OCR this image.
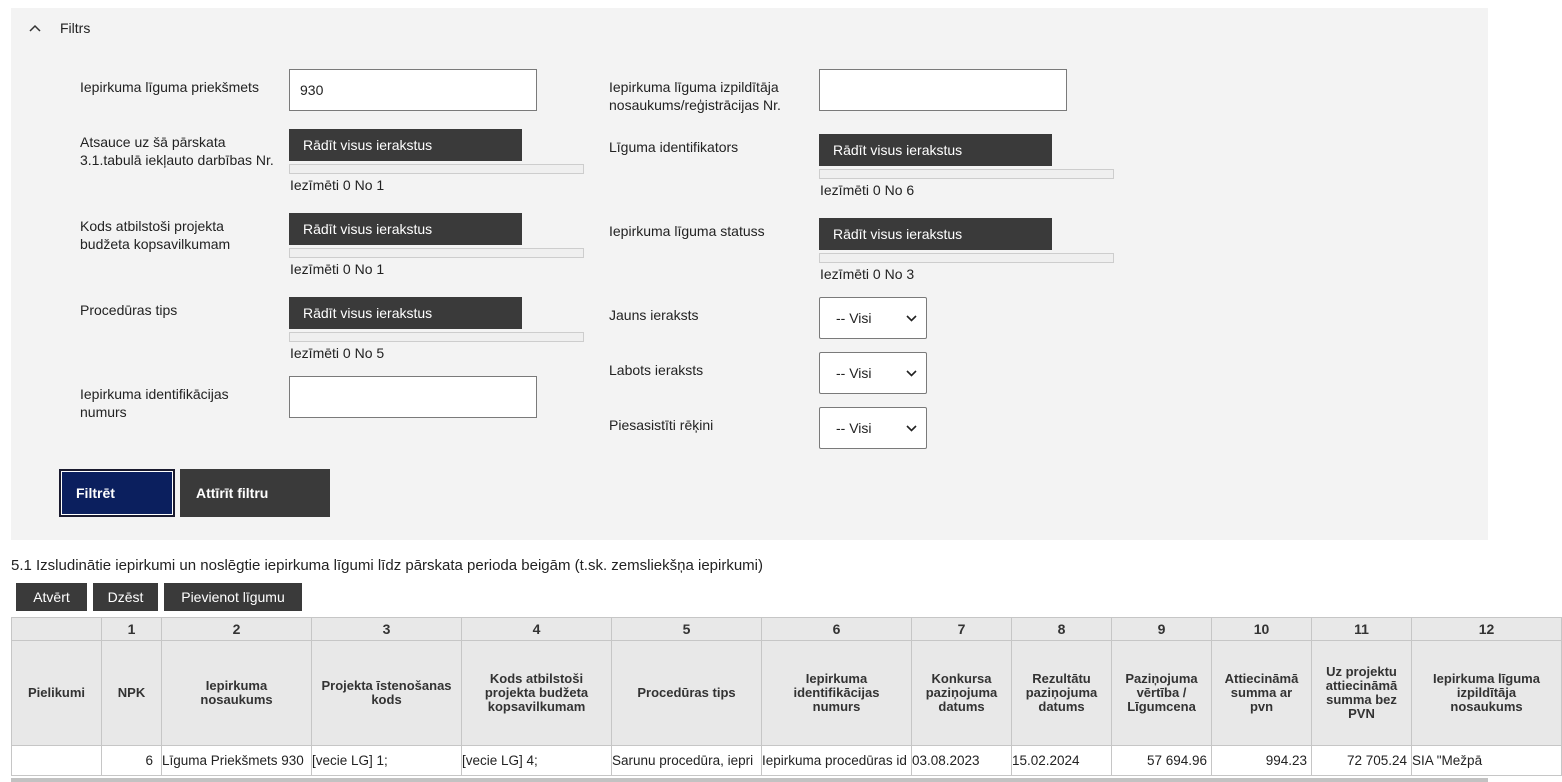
Filtrs
Iepirkuma līguma priekšmets
930
Atsauce uz šā pārskata
3.1.tabulā iekļauto darbības Nr.
Rādīt visus ierakstus
Iezīmēti 0 No 1
Kods atbilstoši projekta
budžeta kopsavilkumam
Rādīt visus ierakstus
Iezīmēti 0 No 1
Procedūras tips	Rādīt visus ierakstus
Iezīmēti 0 No 5
Iepirkuma identifikācijas
numurs
Iepirkuma līguma izpildītāja
nosaukums/reģistrācijas Nr.
Līguma identifikators	Rādīt visus ierakstus
Iezīmēti 0 No 6
Iepirkuma līguma statuss	Rādīt visus ierakstus
Iezīmēti 0 No 3
Jauns ieraksts	-- Visi
Labots ieraksts	-- Visi
Piesasistīti rēķini	-- Visi
Filtrēt	Attīrīt filtru
5.1 Izsludinātie iepirkumi un noslēgtie iepirkuma līgumi līdz pārskata perioda beigām (t.sk. zemsliekšņa iepirkumi)
Atvērt	Dzēst	Pievienot līgumu
	1	2	3	4	5	6	7	8	9	10	11	12
Pielikumi	NPK	Iepirkuma
nosaukums	Projekta īstenošanas
kods	Kods atbilstoši
projekta budžeta
kopsavilkumam	Procedūras tips	Iepirkuma
identifikācijas
numurs	Konkursa
paziņojuma
datums	Rezultātu
paziņojuma
datums	Paziņojuma
vērtība /
Līgumcena	Attiecināmā
summa ar
pvn	Uz projektu
attiecināmā
summa bez
PVN	Iepirkuma līguma
izpildītāja
nosaukums
	6	Līguma Priekšmets 930	[vecie LG] 1;	[vecie LG] 4;	Sarunu procedūra, iepri	Iepirkuma procedūras id	03.08.2023	15.02.2024	57 694.96	994.23	72 705.24	SIA "Mežpā
